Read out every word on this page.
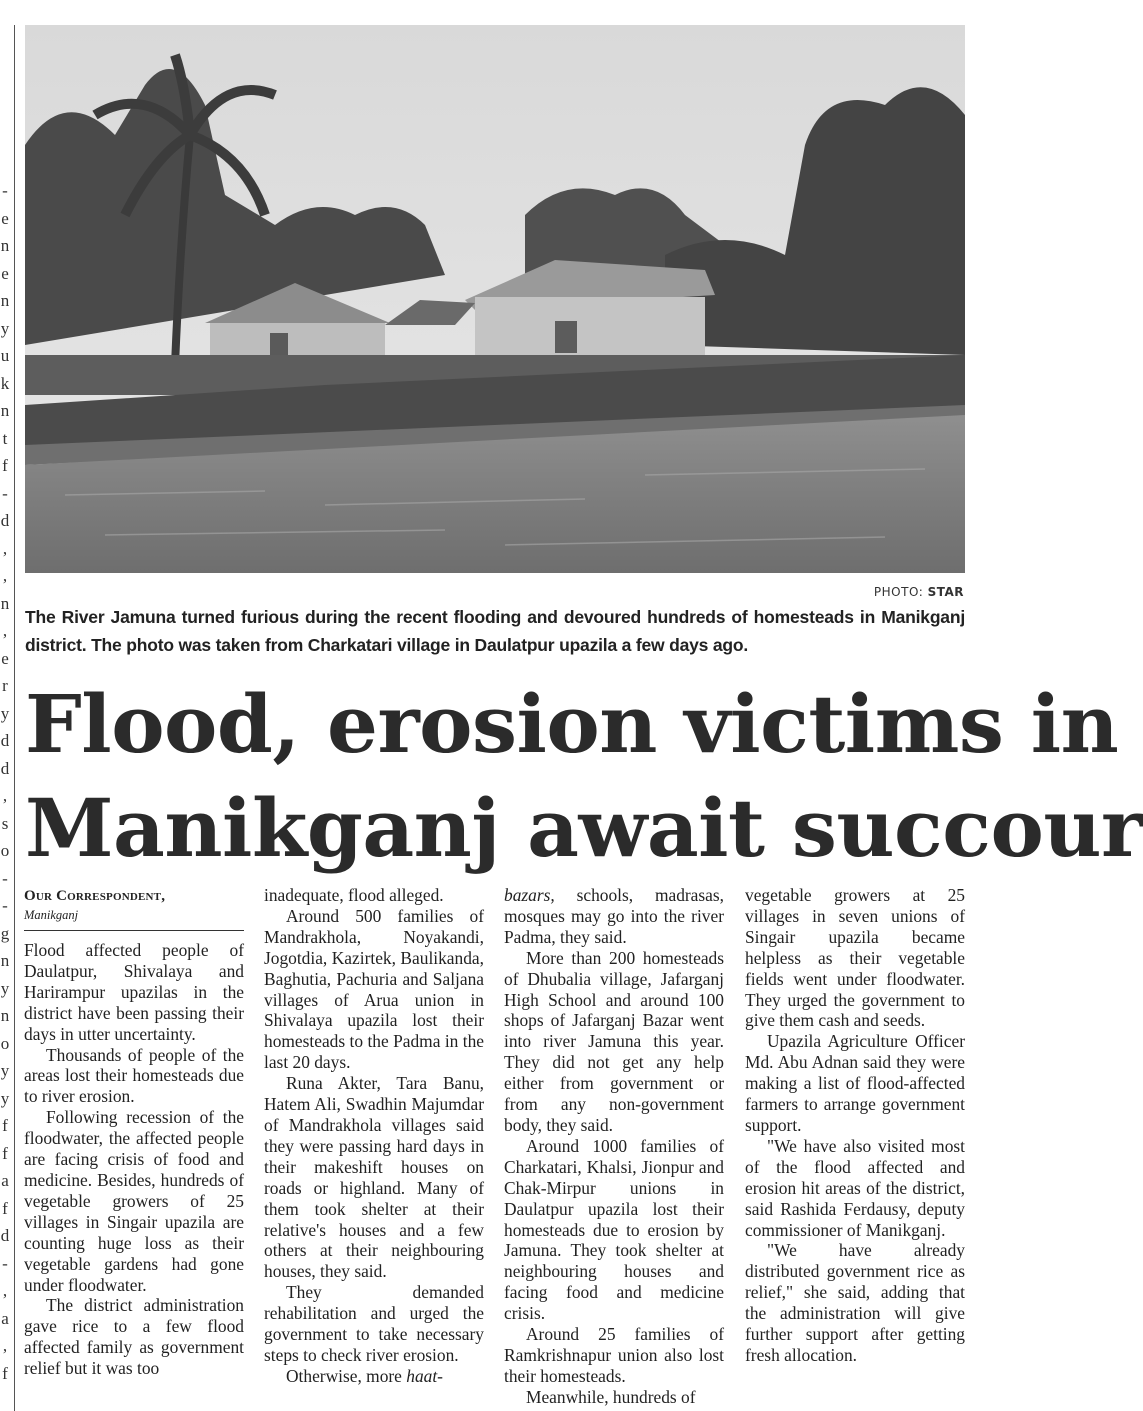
-
e
n
e
n
y
u
k
n
t
f
-
d
,
,
n
,
e
r
y
d
d
,
s
o
-
-
g
n
y
n
o
y
y
f
f
a
f
d
-
,
a
,
f
PHOTO: STAR
The River Jamuna turned furious during the recent flooding and devoured hundreds of homesteads in Manikganj district. The photo was taken from Charkatari village in Daulatpur upazila a few days ago.
Flood, erosion victims in
Manikganj await succour
Our Correspondent,
Manikganj

Flood affected people of Daulatpur, Shivalaya and Harirampur upazilas in the district have been passing their days in utter uncertainty.

Thousands of people of the areas lost their homesteads due to river erosion.

Following recession of the floodwater, the affected people are facing crisis of food and medicine. Besides, hundreds of vegetable growers of 25 villages in Singair upazila are counting huge loss as their vegetable gardens had gone under floodwater.

The district administration gave rice to a few flood affected family as government relief but it was too

inadequate, flood alleged.

Around 500 families of Mandrakhola, Noyakandi, Jogotdia, Kazirtek, Baulikanda, Baghutia, Pachuria and Saljana villages of Arua union in Shivalaya upazila lost their homesteads to the Padma in the last 20 days.

Runa Akter, Tara Banu, Hatem Ali, Swadhin Majumdar of Mandrakhola villages said they were passing hard days in their makeshift houses on roads or highland. Many of them took shelter at their relative's houses and a few others at their neighbouring houses, they said.

They demanded rehabilitation and urged the government to take necessary steps to check river erosion.

Otherwise, more haat-

bazars, schools, madrasas, mosques may go into the river Padma, they said.

More than 200 homesteads of Dhubalia village, Jafarganj High School and around 100 shops of Jafarganj Bazar went into river Jamuna this year. They did not get any help either from government or from any non-government body, they said.

Around 1000 families of Charkatari, Khalsi, Jionpur and Chak-Mirpur unions in Daulatpur upazila lost their homesteads due to erosion by Jamuna. They took shelter at neighbouring houses and facing food and medicine crisis.

Around 25 families of Ramkrishnapur union also lost their homesteads.

Meanwhile, hundreds of

vegetable growers at 25 villages in seven unions of Singair upazila became helpless as their vegetable fields went under floodwater. They urged the government to give them cash and seeds.

Upazila Agriculture Officer Md. Abu Adnan said they were making a list of flood-affected farmers to arrange government support.

"We have also visited most of the flood affected and erosion hit areas of the district, said Rashida Ferdausy, deputy commissioner of Manikganj.

"We have already distributed government rice as relief," she said, adding that the administration will give further support after getting fresh allocation.
